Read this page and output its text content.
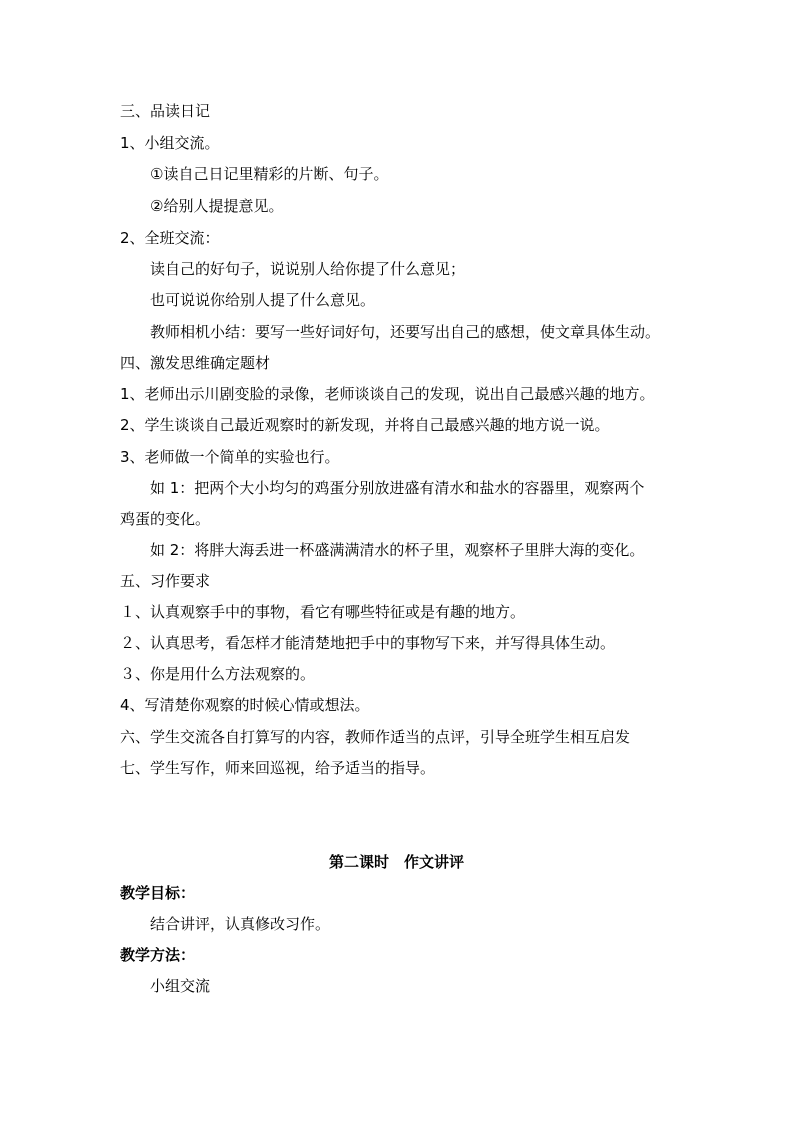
三、品读日记
1、小组交流。
①读自己日记里精彩的片断、句子。
②给别人提提意见。
2、全班交流：
读自己的好句子，说说别人给你提了什么意见；
也可说说你给别人提了什么意见。
教师相机小结：要写一些好词好句，还要写出自己的感想，使文章具体生动。
四、激发思维确定题材
1、老师出示川剧变脸的录像，老师谈谈自己的发现，说出自己最感兴趣的地方。
2、学生谈谈自己最近观察时的新发现，并将自己最感兴趣的地方说一说。
3、老师做一个简单的实验也行。
如 1：把两个大小均匀的鸡蛋分别放进盛有清水和盐水的容器里，观察两个
鸡蛋的变化。
如 2：将胖大海丢进一杯盛满满清水的杯子里，观察杯子里胖大海的变化。
五、习作要求
１、认真观察手中的事物，看它有哪些特征或是有趣的地方。
２、认真思考，看怎样才能清楚地把手中的事物写下来，并写得具体生动。
３、你是用什么方法观察的。
4、写清楚你观察的时候心情或想法。
六、学生交流各自打算写的内容，教师作适当的点评，引导全班学生相互启发
七、学生写作，师来回巡视，给予适当的指导。
第二课时　作文讲评
教学目标：
结合讲评，认真修改习作。
教学方法：
小组交流
